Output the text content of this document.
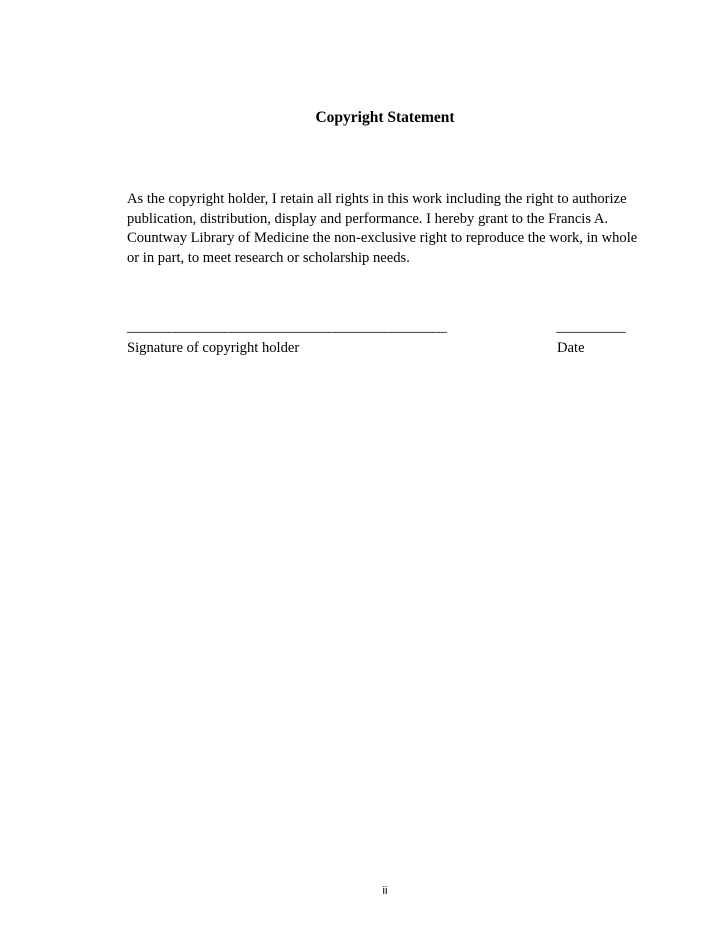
Copyright Statement
As the copyright holder, I retain all rights in this work including the right to authorize publication, distribution, display and performance. I hereby grant to the Francis A. Countway Library of Medicine the non-exclusive right to reproduce the work, in whole or in part, to meet research or scholarship needs.
______________________________________________	__________
Signature of copyright holder	Date
ii
